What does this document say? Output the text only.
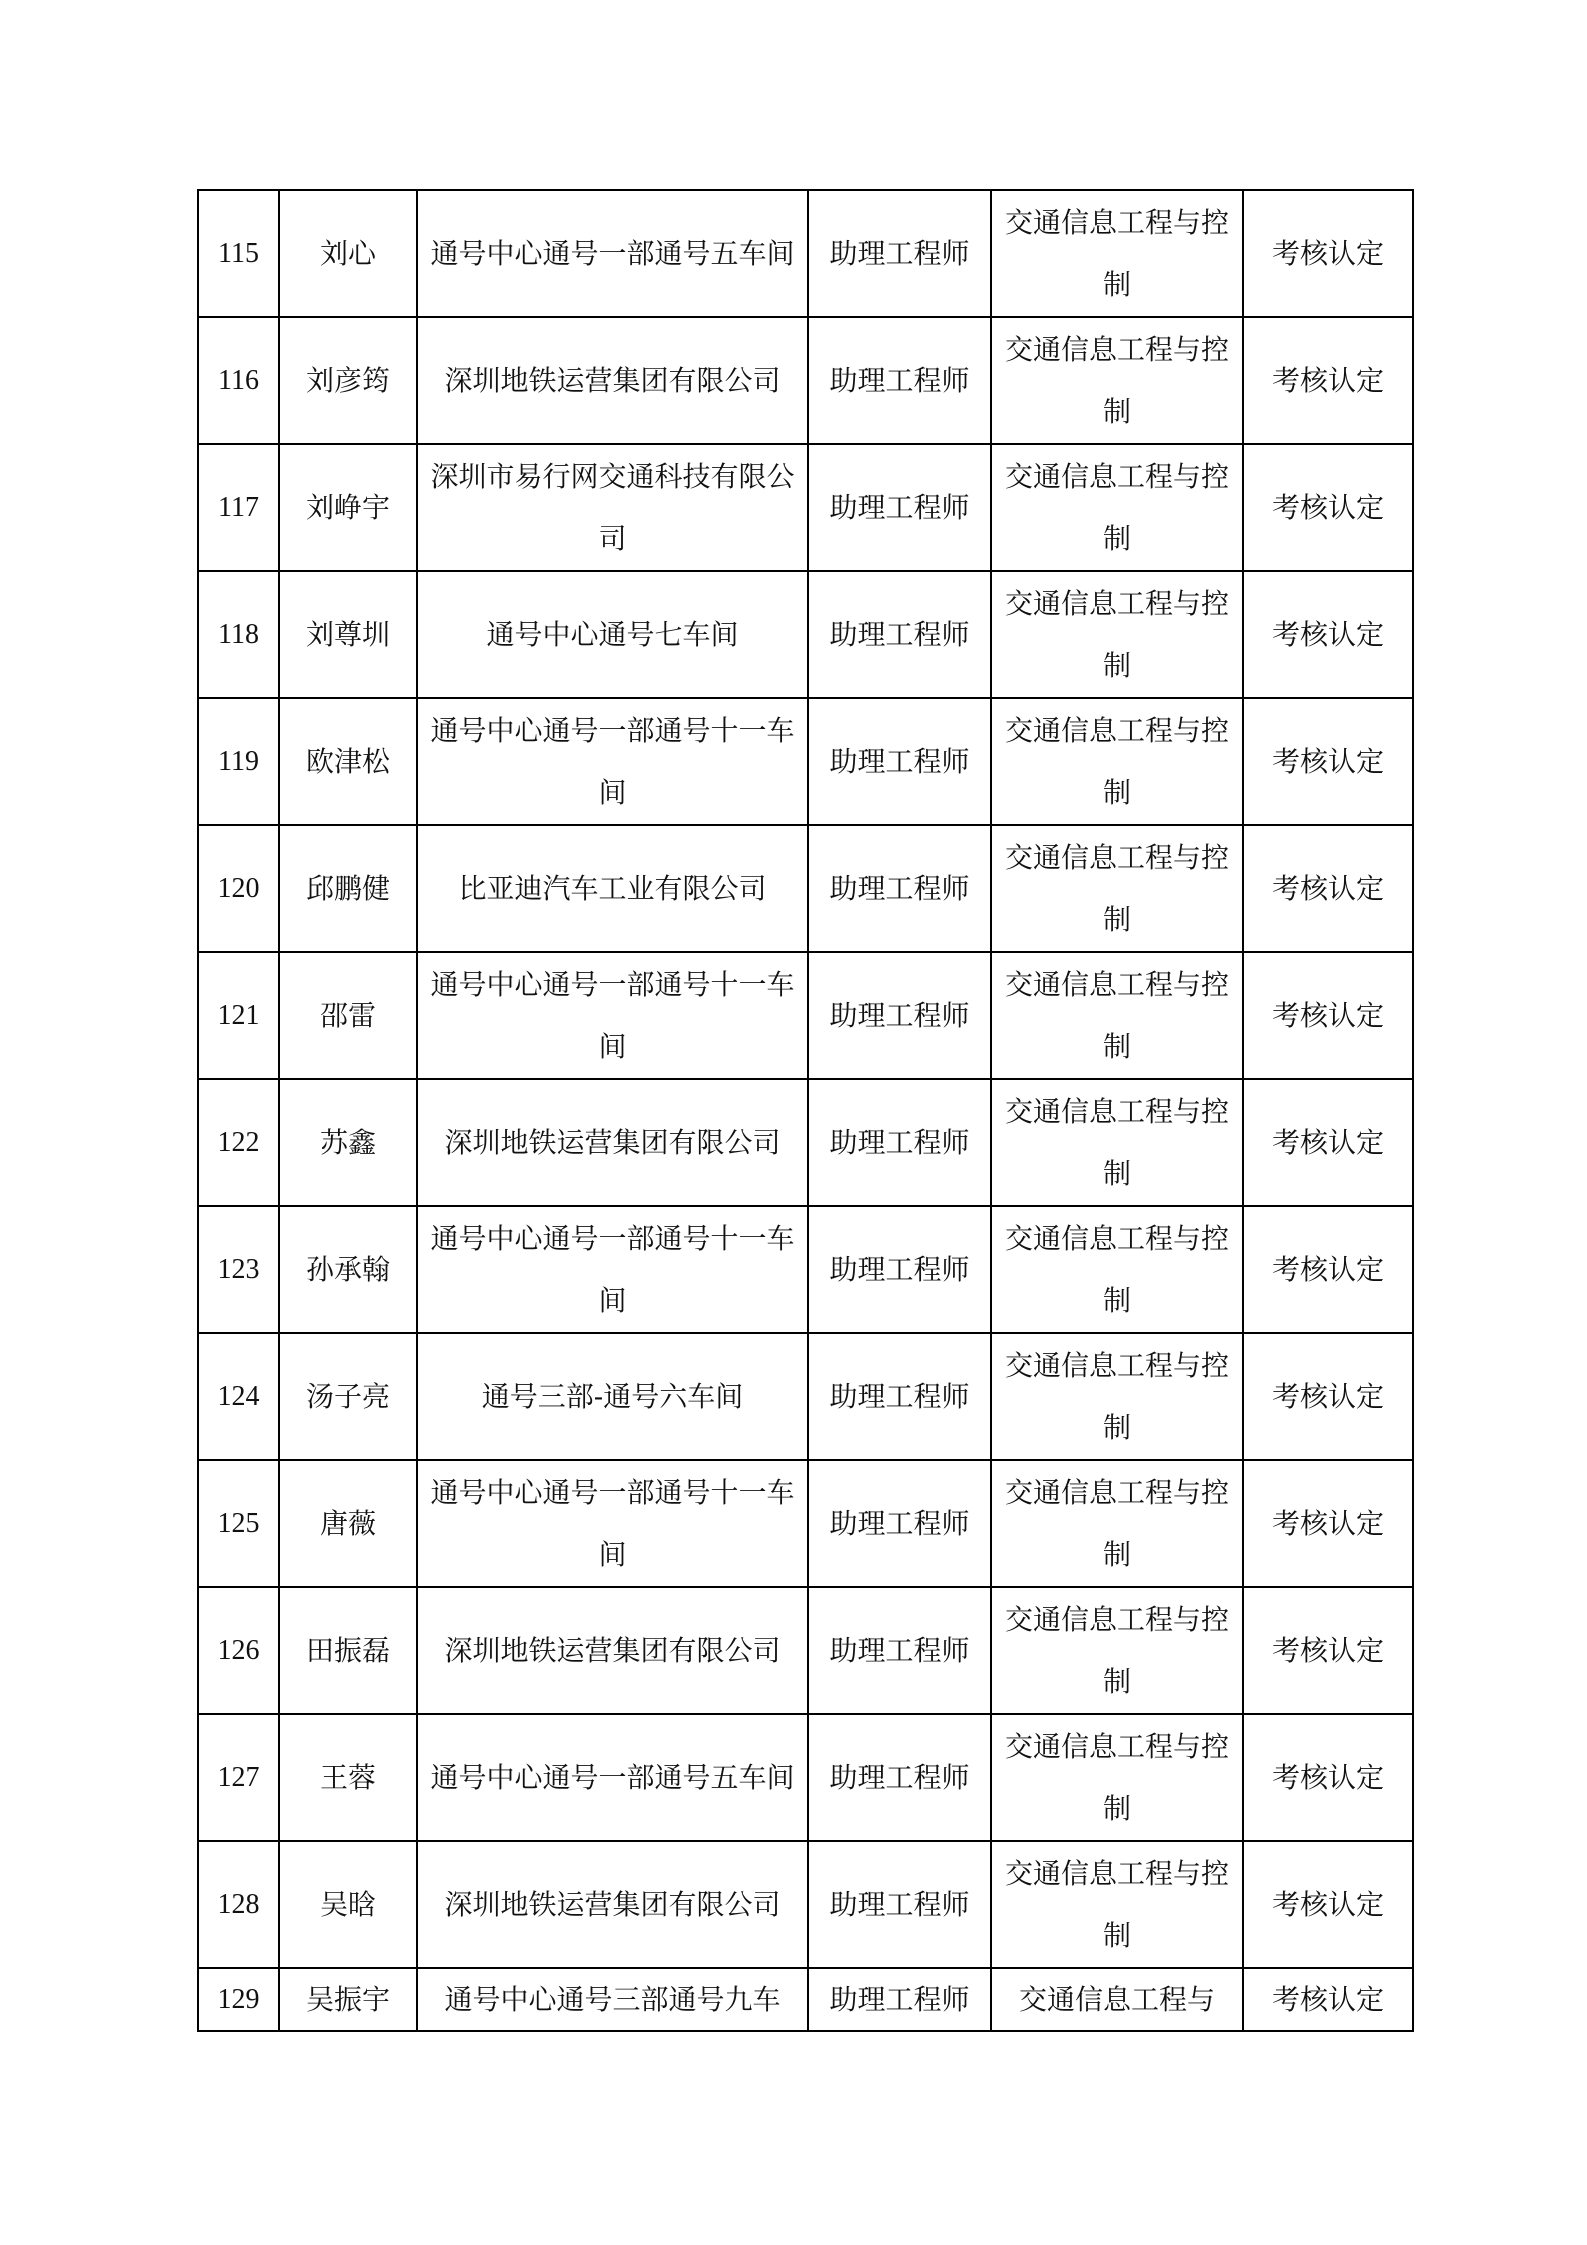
115	刘心	通号中心通号一部通号五车间	助理工程师	交通信息工程与控制	考核认定
116	刘彦筠	深圳地铁运营集团有限公司	助理工程师	交通信息工程与控制	考核认定
117	刘峥宇	深圳市易行网交通科技有限公司	助理工程师	交通信息工程与控制	考核认定
118	刘尊圳	通号中心通号七车间	助理工程师	交通信息工程与控制	考核认定
119	欧津松	通号中心通号一部通号十一车间	助理工程师	交通信息工程与控制	考核认定
120	邱鹏健	比亚迪汽车工业有限公司	助理工程师	交通信息工程与控制	考核认定
121	邵雷	通号中心通号一部通号十一车间	助理工程师	交通信息工程与控制	考核认定
122	苏鑫	深圳地铁运营集团有限公司	助理工程师	交通信息工程与控制	考核认定
123	孙承翰	通号中心通号一部通号十一车间	助理工程师	交通信息工程与控制	考核认定
124	汤子亮	通号三部-通号六车间	助理工程师	交通信息工程与控制	考核认定
125	唐薇	通号中心通号一部通号十一车间	助理工程师	交通信息工程与控制	考核认定
126	田振磊	深圳地铁运营集团有限公司	助理工程师	交通信息工程与控制	考核认定
127	王蓉	通号中心通号一部通号五车间	助理工程师	交通信息工程与控制	考核认定
128	吴晗	深圳地铁运营集团有限公司	助理工程师	交通信息工程与控制	考核认定
129	吴振宇	通号中心通号三部通号九车	助理工程师	交通信息工程与	考核认定
